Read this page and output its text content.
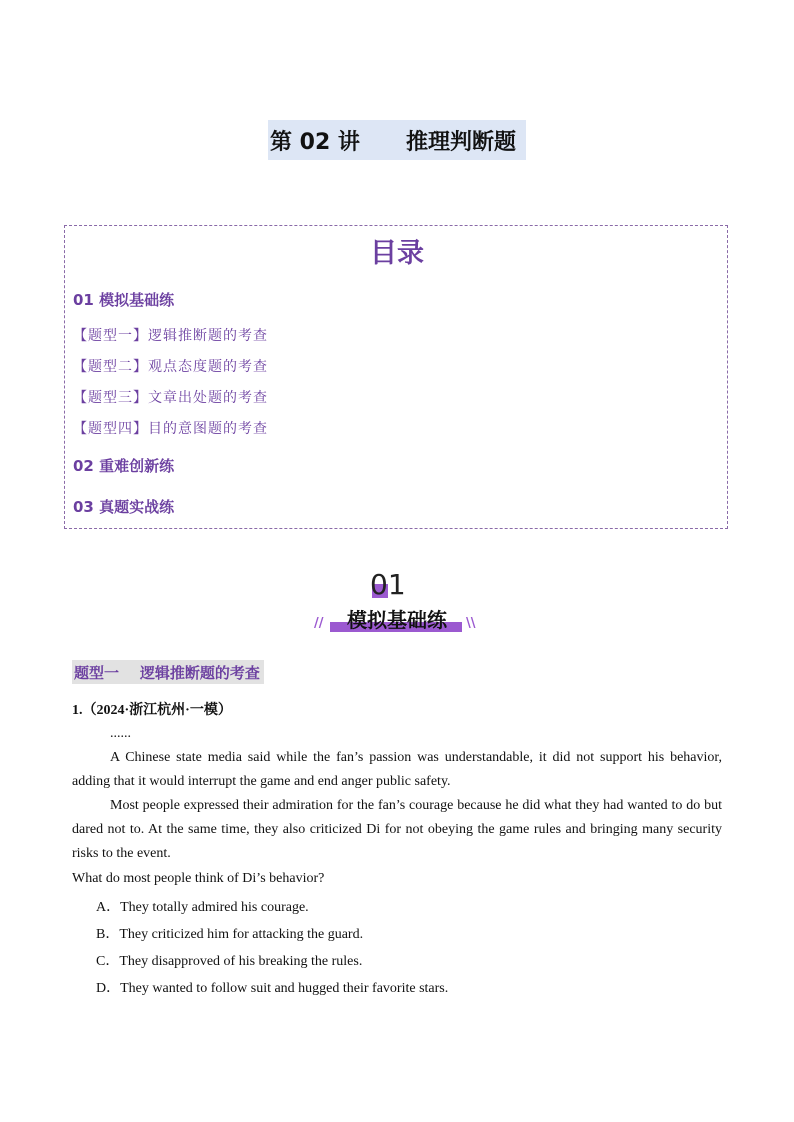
第 02 讲 推理判断题
目录
01 模拟基础练
【题型一】逻辑推断题的考查
【题型二】观点态度题的考查
【题型三】文章出处题的考查
【题型四】目的意图题的考查
02 重难创新练
03 真题实战练
01
//	模拟基础练	\\
题型一 逻辑推断题的考查
1.（2024·浙江杭州·一模）
......
A Chinese state media said while the fan’s passion was understandable, it did not support his behavior, adding that it would interrupt the game and end anger public safety.
Most people expressed their admiration for the fan’s courage because he did what they had wanted to do but dared not to. At the same time, they also criticized Di for not obeying the game rules and bringing many security risks to the event.
What do most people think of Di’s behavior?
A．They totally admired his courage.
B．They criticized him for attacking the guard.
C．They disapproved of his breaking the rules.
D．They wanted to follow suit and hugged their favorite stars.
